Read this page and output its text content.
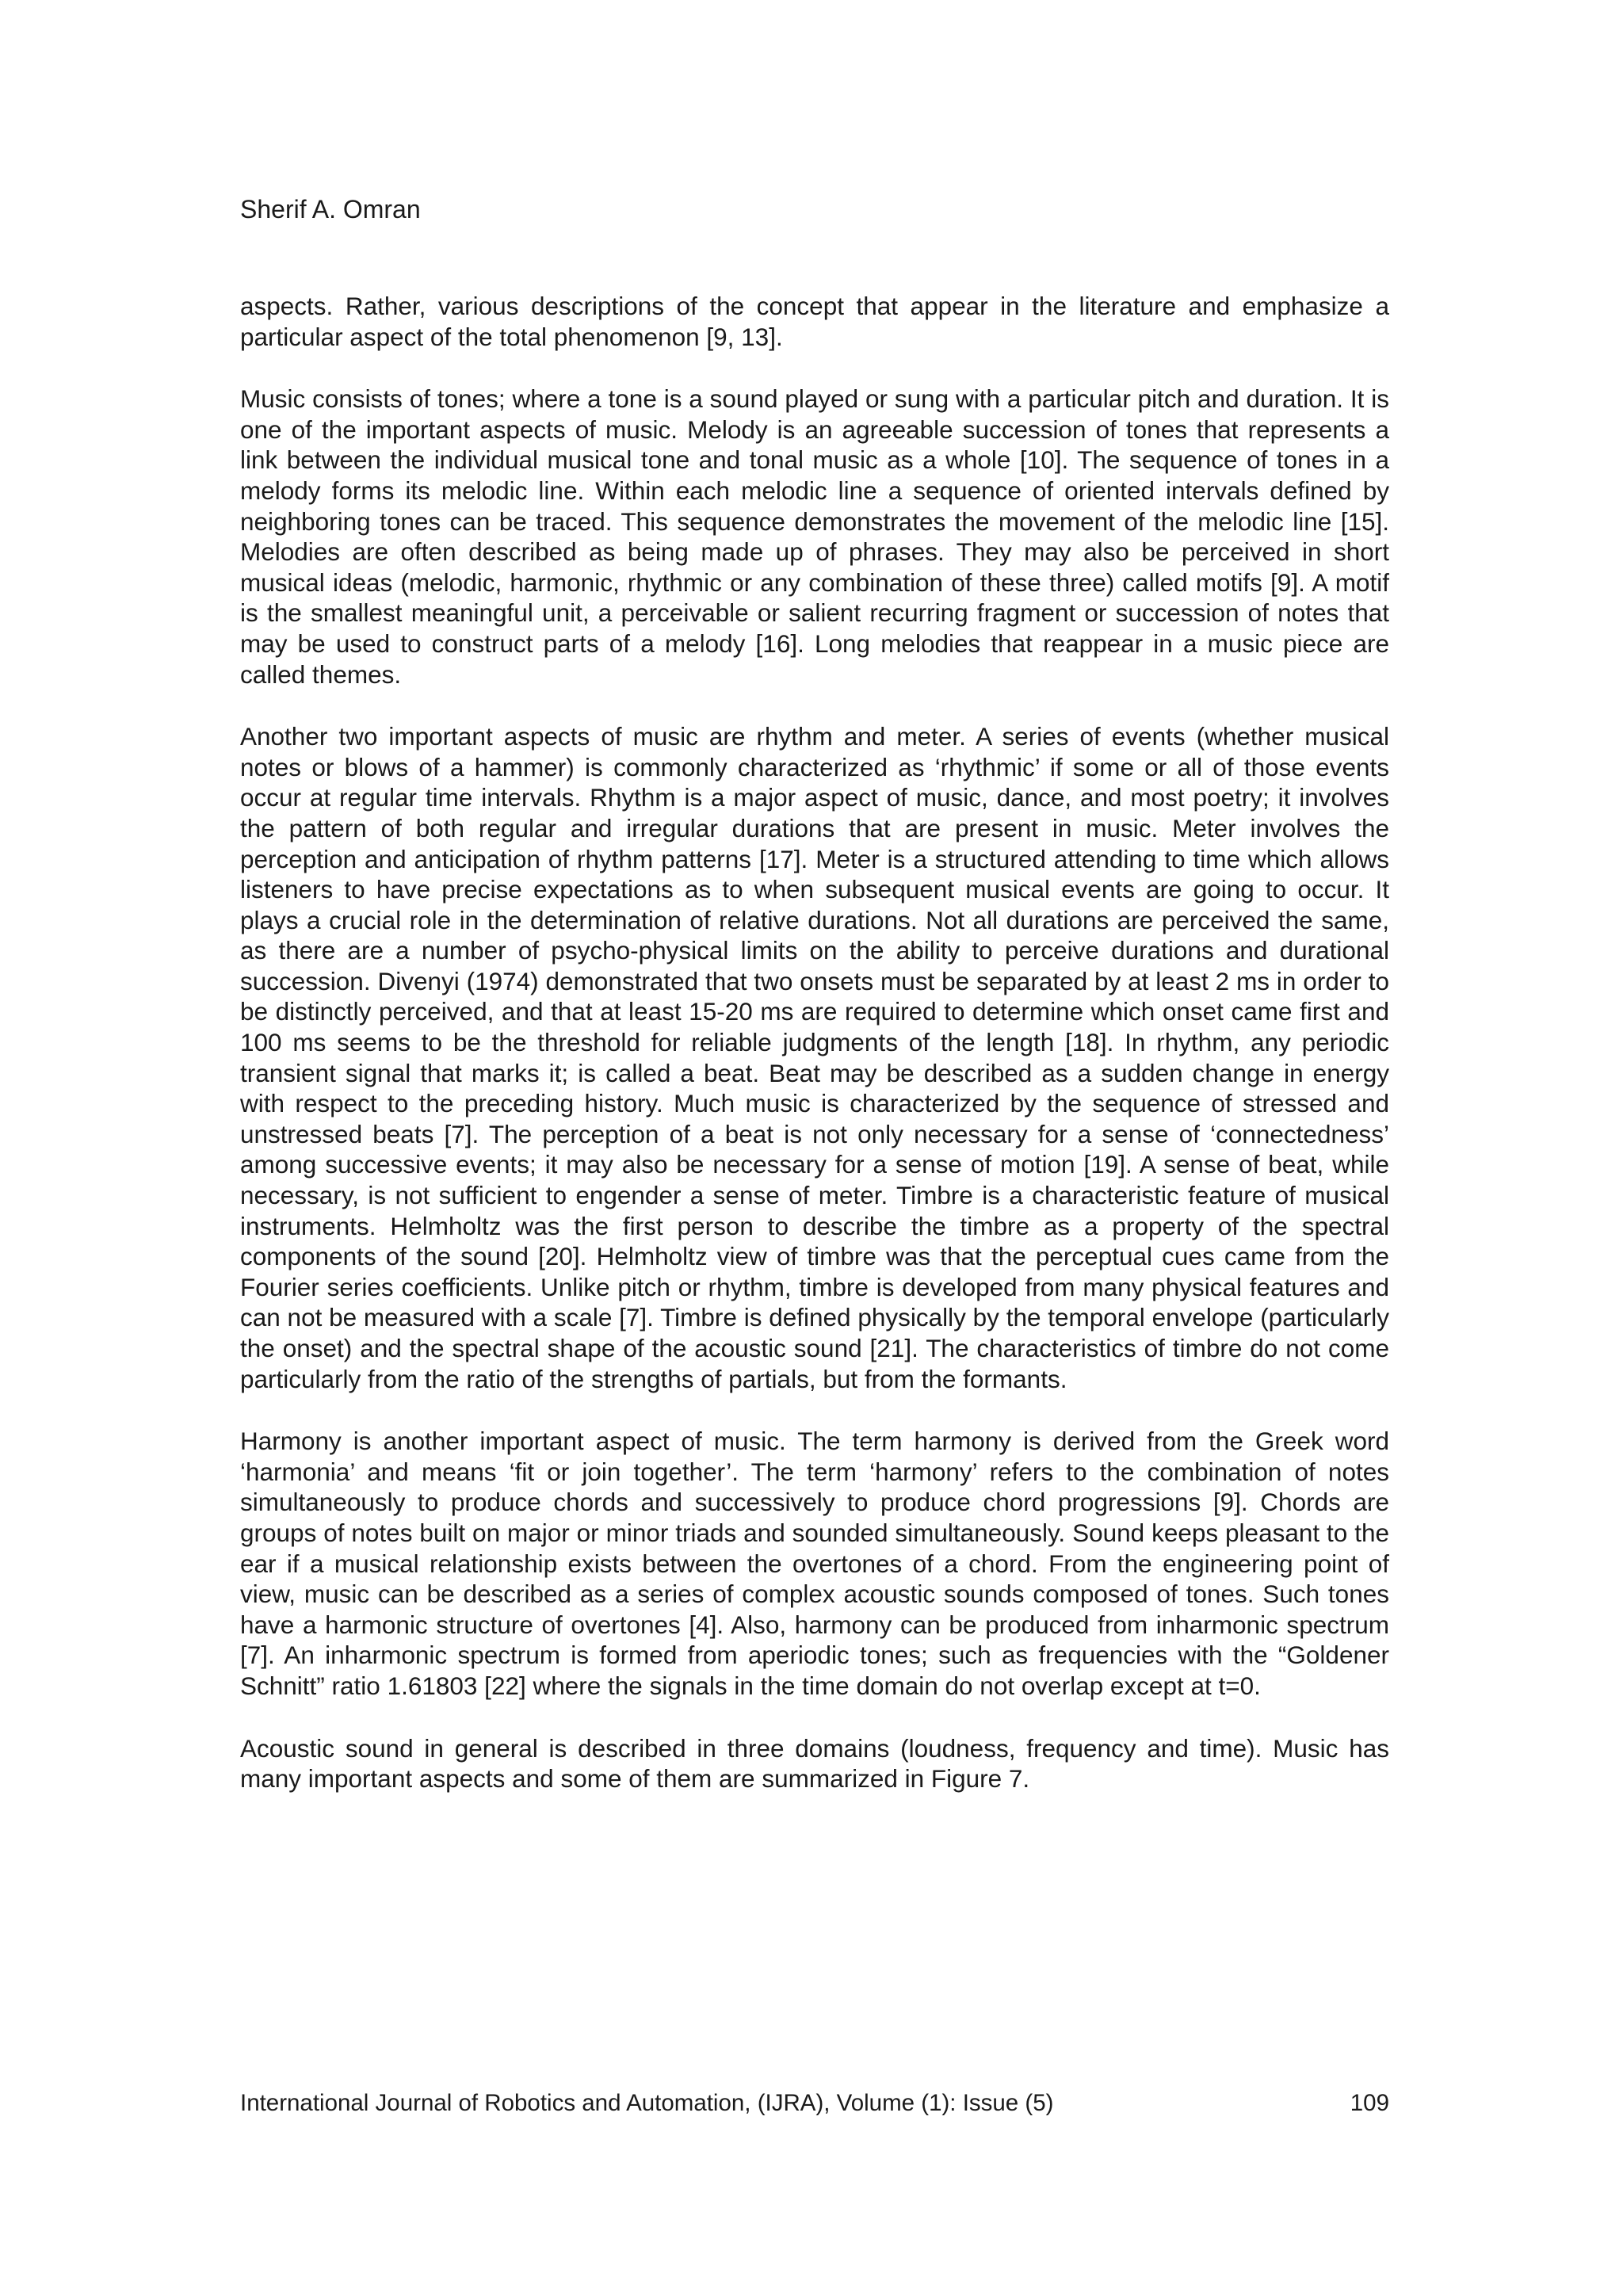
Sherif A. Omran

aspects. Rather, various descriptions of the concept that appear in the literature and emphasize a particular aspect of the total phenomenon [9, 13].

Music consists of tones; where a tone is a sound played or sung with a particular pitch and duration. It is one of the important aspects of music. Melody is an agreeable succession of tones that represents a link between the individual musical tone and tonal music as a whole [10]. The sequence of tones in a melody forms its melodic line. Within each melodic line a sequence of oriented intervals defined by neighboring tones can be traced. This sequence demonstrates the movement of the melodic line [15]. Melodies are often described as being made up of phrases. They may also be perceived in short musical ideas (melodic, harmonic, rhythmic or any combination of these three) called motifs [9]. A motif is the smallest meaningful unit, a perceivable or salient recurring fragment or succession of notes that may be used to construct parts of a melody [16]. Long melodies that reappear in a music piece are called themes.

Another two important aspects of music are rhythm and meter. A series of events (whether musical notes or blows of a hammer) is commonly characterized as ‘rhythmic’ if some or all of those events occur at regular time intervals. Rhythm is a major aspect of music, dance, and most poetry; it involves the pattern of both regular and irregular durations that are present in music. Meter involves the perception and anticipation of rhythm patterns [17]. Meter is a structured attending to time which allows listeners to have precise expectations as to when subsequent musical events are going to occur. It plays a crucial role in the determination of relative durations. Not all durations are perceived the same, as there are a number of psycho-physical limits on the ability to perceive durations and durational succession. Divenyi (1974) demonstrated that two onsets must be separated by at least 2 ms in order to be distinctly perceived, and that at least 15-20 ms are required to determine which onset came first and 100 ms seems to be the threshold for reliable judgments of the length [18]. In rhythm, any periodic transient signal that marks it; is called a beat. Beat may be described as a sudden change in energy with respect to the preceding history. Much music is characterized by the sequence of stressed and unstressed beats [7]. The perception of a beat is not only necessary for a sense of ‘connectedness’ among successive events; it may also be necessary for a sense of motion [19]. A sense of beat, while necessary, is not sufficient to engender a sense of meter. Timbre is a characteristic feature of musical instruments. Helmholtz was the first person to describe the timbre as a property of the spectral components of the sound [20]. Helmholtz view of timbre was that the perceptual cues came from the Fourier series coefficients. Unlike pitch or rhythm, timbre is developed from many physical features and can not be measured with a scale [7]. Timbre is defined physically by the temporal envelope (particularly the onset) and the spectral shape of the acoustic sound [21]. The characteristics of timbre do not come particularly from the ratio of the strengths of partials, but from the formants.

Harmony is another important aspect of music. The term harmony is derived from the Greek word ‘harmonia’ and means ‘fit or join together’. The term ‘harmony’ refers to the combination of notes simultaneously to produce chords and successively to produce chord progressions [9]. Chords are groups of notes built on major or minor triads and sounded simultaneously. Sound keeps pleasant to the ear if a musical relationship exists between the overtones of a chord. From the engineering point of view, music can be described as a series of complex acoustic sounds composed of tones. Such tones have a harmonic structure of overtones [4]. Also, harmony can be produced from inharmonic spectrum [7]. An inharmonic spectrum is formed from aperiodic tones; such as frequencies with the “Goldener Schnitt” ratio 1.61803 [22] where the signals in the time domain do not overlap except at t=0.

Acoustic sound in general is described in three domains (loudness, frequency and time). Music has many important aspects and some of them are summarized in Figure 7.

International Journal of Robotics and Automation, (IJRA), Volume (1): Issue (5)	109
